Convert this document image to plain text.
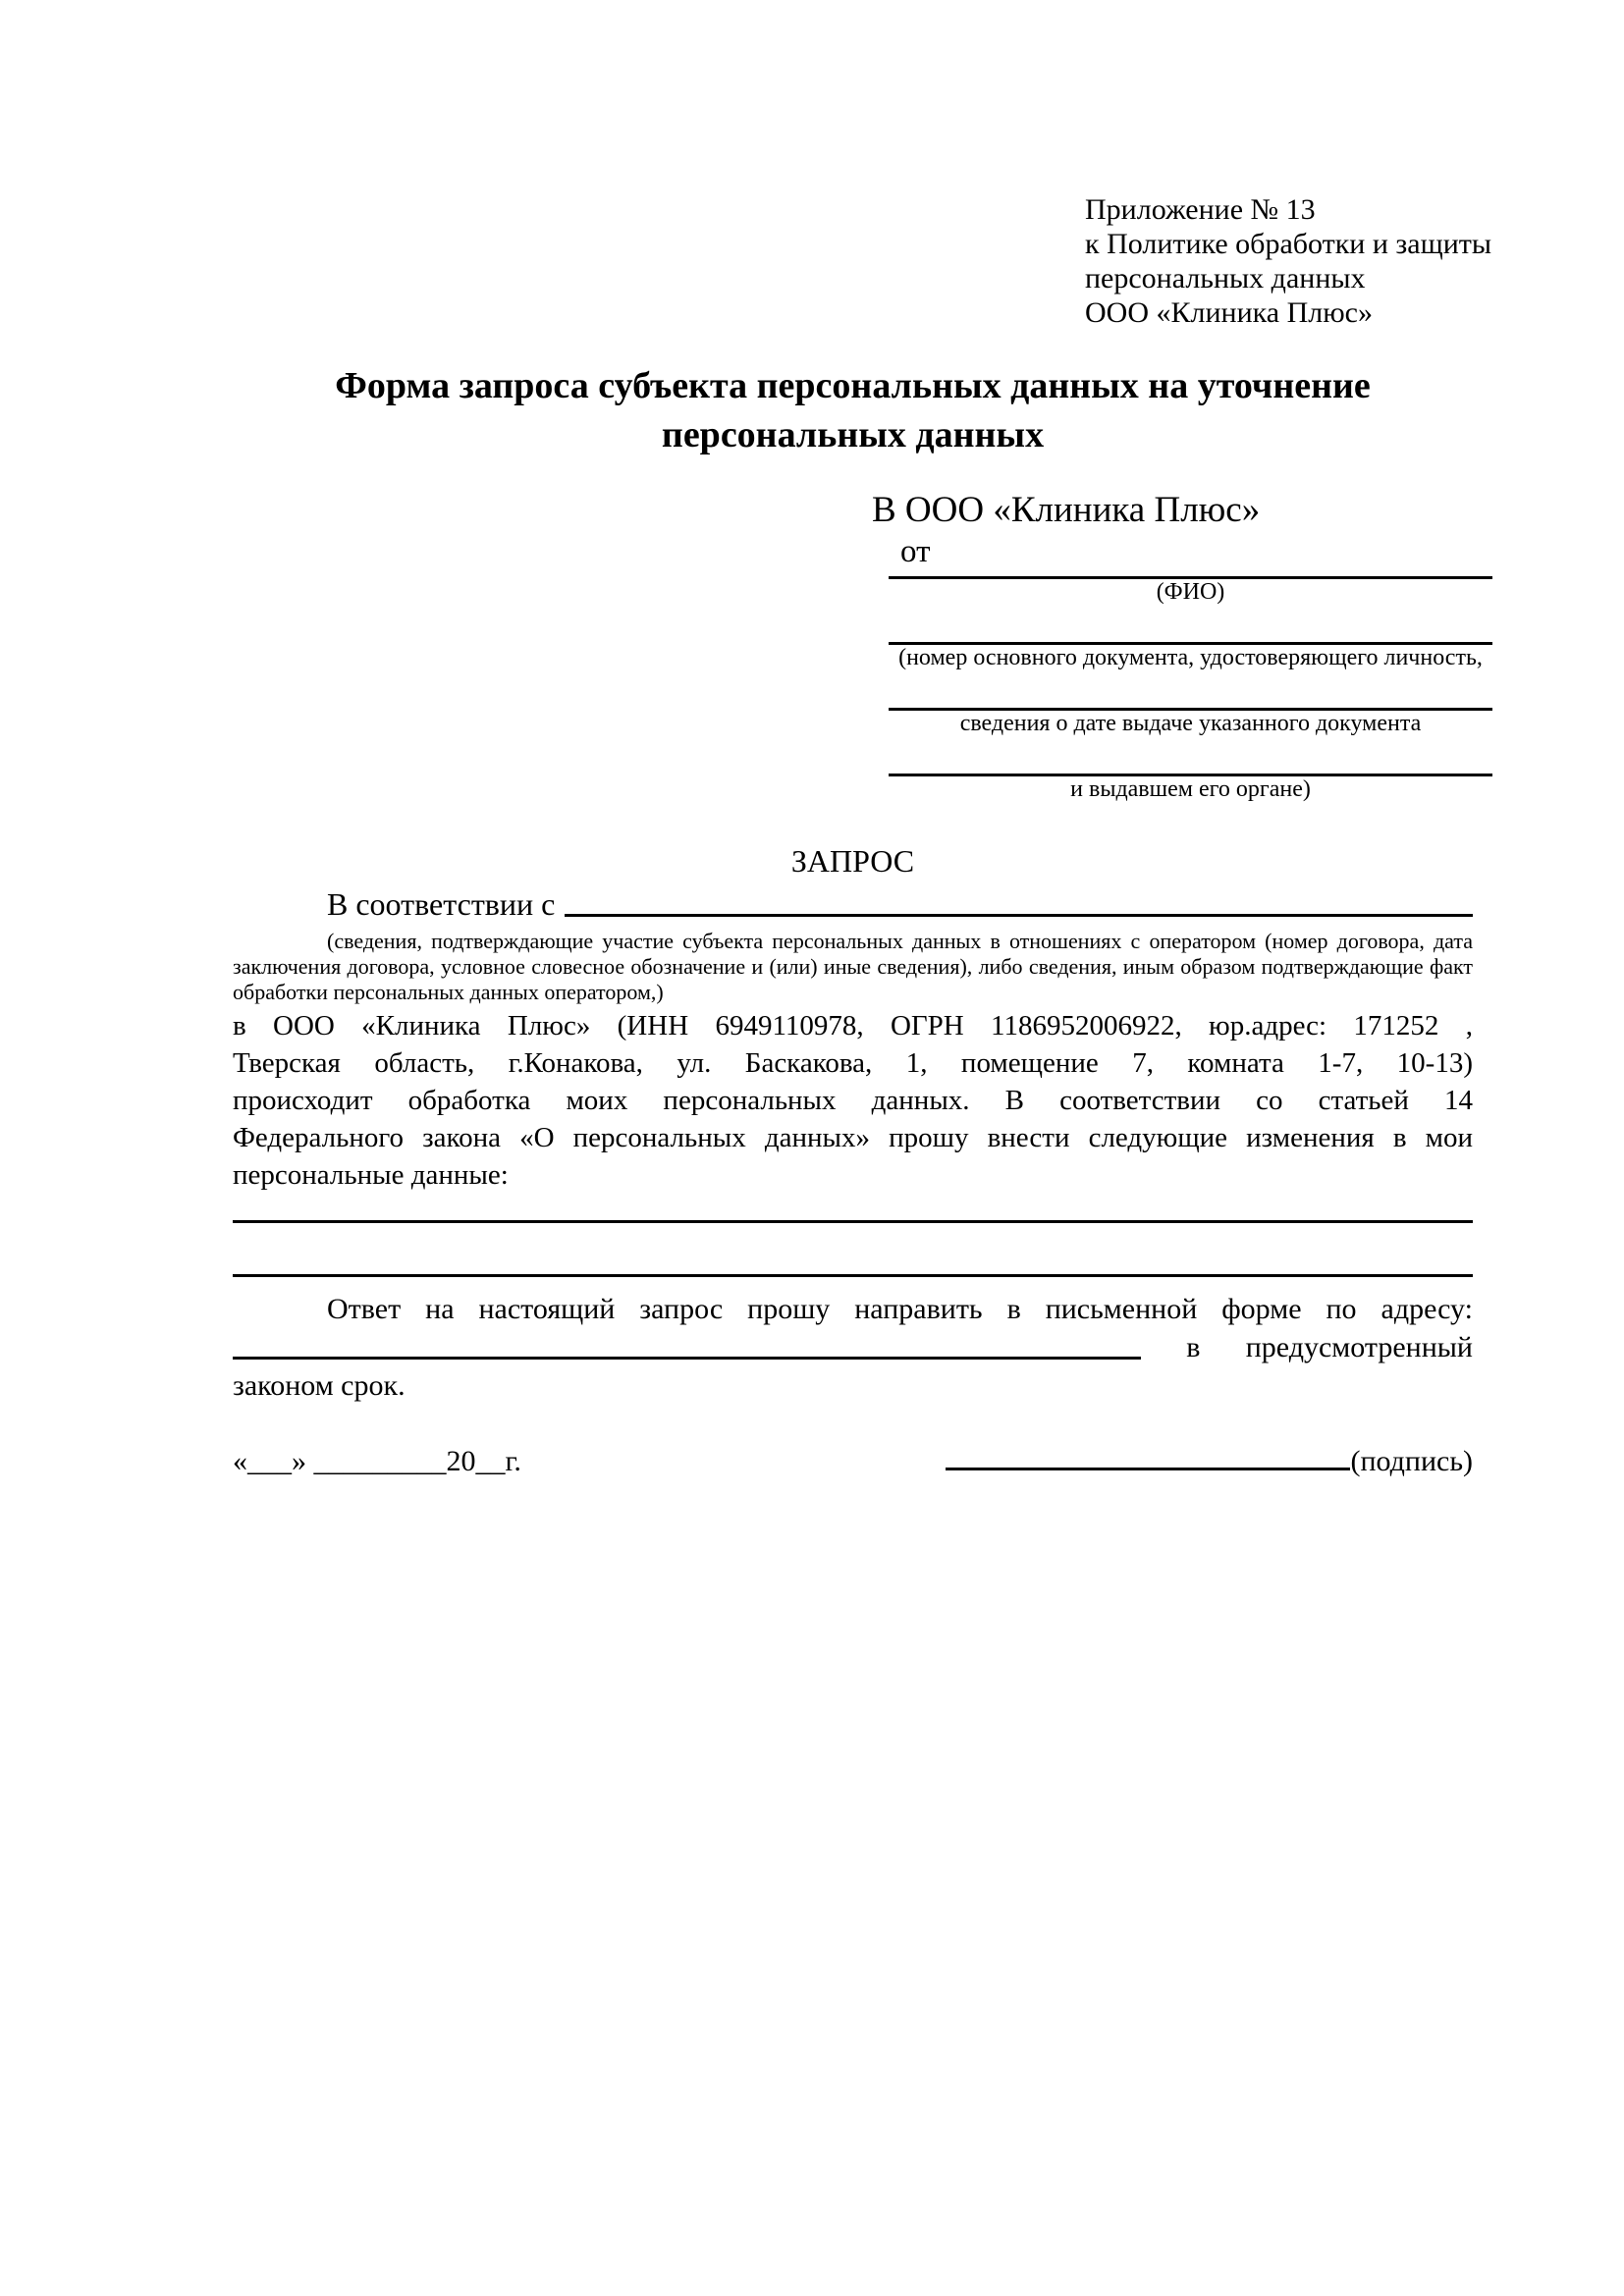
Приложение № 13
к Политике обработки и защиты
персональных данных
ООО «Клиника Плюс»
Форма запроса субъекта персональных данных на уточнение
персональных данных
В ООО «Клиника Плюс»
от
(ФИО)
(номер основного документа, удостоверяющего личность,
сведения о дате выдаче указанного документа
и выдавшем его органе)
ЗАПРОС
В соответствии с
(сведения, подтверждающие участие субъекта персональных данных в отношениях с оператором (номер договора, дата
заключения договора, условное словесное обозначение и (или) иные сведения), либо сведения, иным образом подтверждающие факт
обработки персональных данных оператором,)
в ООО «Клиника Плюс» (ИНН 6949110978, ОГРН 1186952006922, юр.адрес: 171252 ,
Тверская область, г.Конакова, ул. Баскакова, 1, помещение 7, комната 1-7, 10-13)
происходит обработка моих персональных данных. В соответствии со статьей 14
Федерального закона «О персональных данных» прошу внести следующие изменения в мои
персональные данные:
Ответ на настоящий запрос прошу направить в письменной форме по адресу:
в предусмотренный
законом срок.
«___» _________20__г.	(подпись)
